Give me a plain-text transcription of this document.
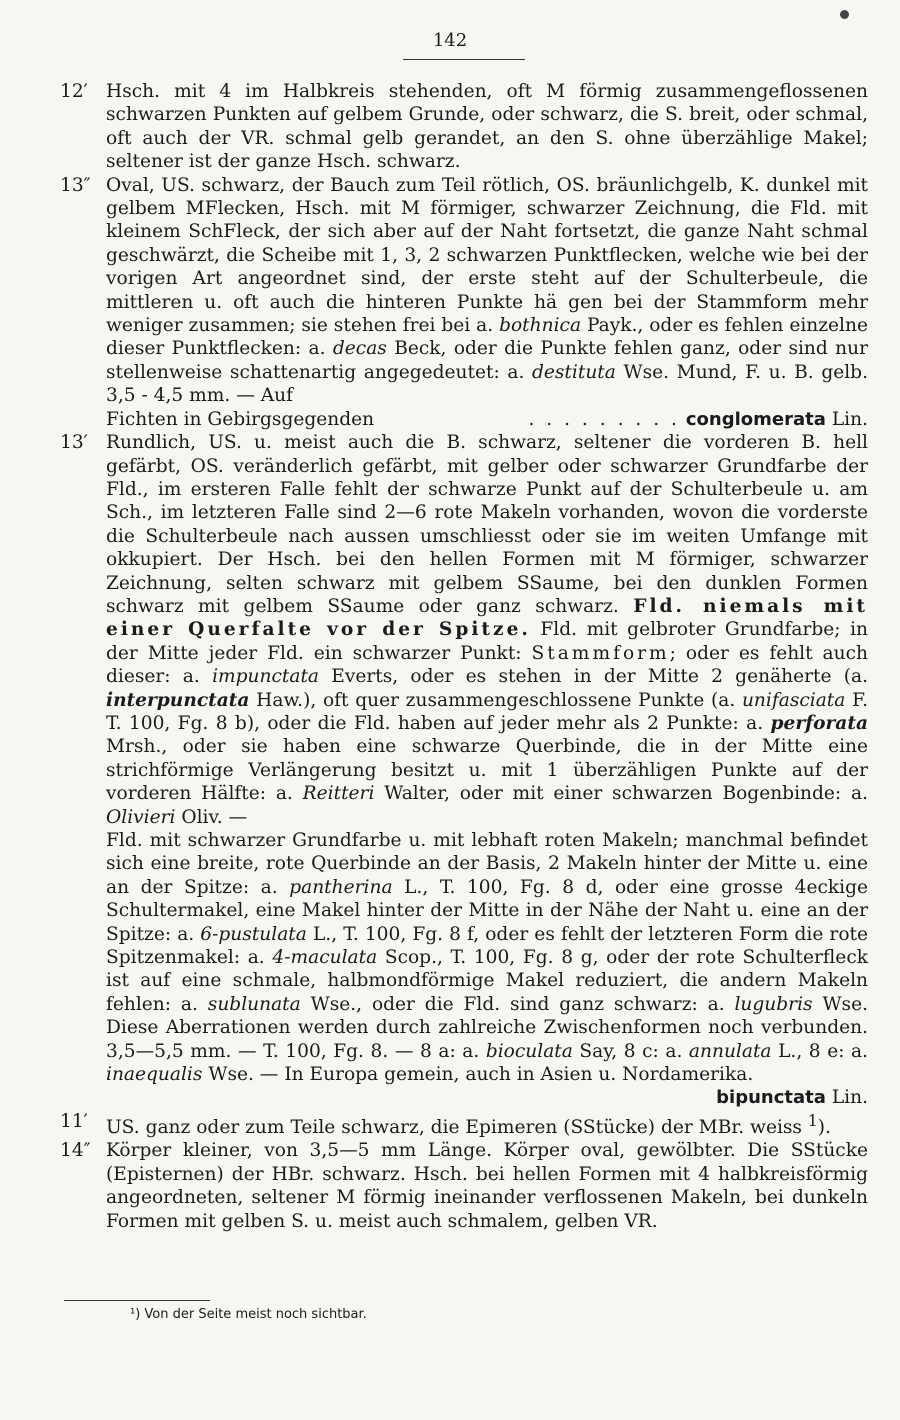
142
12′ Hsch. mit 4 im Halbkreis stehenden, oft M förmig zusammengeflossenen schwarzen Punkten auf gelbem Grunde, oder schwarz, die S. breit, oder schmal, oft auch der VR. schmal gelb gerandet, an den S. ohne überzählige Makel; seltener ist der ganze Hsch. schwarz.

13″ Oval, US. schwarz, der Bauch zum Teil rötlich, OS. bräunlichgelb, K. dunkel mit gelbem MFlecken, Hsch. mit M förmiger, schwarzer Zeichnung, die Fld. mit kleinem SchFleck, der sich aber auf der Naht fortsetzt, die ganze Naht schmal geschwärzt, die Scheibe mit 1, 3, 2 schwarzen Punktflecken, welche wie bei der vorigen Art angeordnet sind, der erste steht auf der Schulterbeule, die mittleren u. oft auch die hinteren Punkte hä gen bei der Stammform mehr weniger zusammen; sie stehen frei bei a. bothnica Payk., oder es fehlen einzelne dieser Punktflecken: a. decas Beck, oder die Punkte fehlen ganz, oder sind nur stellenweise schattenartig angegedeutet: a. destituta Wse. Mund, F. u. B. gelb. 3,5 - 4,5 mm. — Auf

Fichten in Gebirgsgegenden	. . . . . . . . . conglomerata Lin.
13′ Rundlich, US. u. meist auch die B. schwarz, seltener die vorderen B. hell gefärbt, OS. veränderlich gefärbt, mit gelber oder schwarzer Grundfarbe der Fld., im ersteren Falle fehlt der schwarze Punkt auf der Schulterbeule u. am Sch., im letzteren Falle sind 2—6 rote Makeln vorhanden, wovon die vorderste die Schulterbeule nach aussen umschliesst oder sie im weiten Umfange mit okkupiert. Der Hsch. bei den hellen Formen mit M förmiger, schwarzer Zeichnung, selten schwarz mit gelbem SSaume, bei den dunklen Formen schwarz mit gelbem SSaume oder ganz schwarz. Fld. niemals mit einer Querfalte vor der Spitze. Fld. mit gelbroter Grundfarbe; in der Mitte jeder Fld. ein schwarzer Punkt: Stammform; oder es fehlt auch dieser: a. impunctata Everts, oder es stehen in der Mitte 2 genäherte (a. interpunctata Haw.), oft quer zusammengeschlossene Punkte (a. unifasciata F. T. 100, Fg. 8 b), oder die Fld. haben auf jeder mehr als 2 Punkte: a. perforata Mrsh., oder sie haben eine schwarze Querbinde, die in der Mitte eine strichförmige Verlängerung besitzt u. mit 1 überzähligen Punkte auf der vorderen Hälfte: a. Reitteri Walter, oder mit einer schwarzen Bogenbinde: a. Olivieri Oliv. —

Fld. mit schwarzer Grundfarbe u. mit lebhaft roten Makeln; manchmal befindet sich eine breite, rote Querbinde an der Basis, 2 Makeln hinter der Mitte u. eine an der Spitze: a. pantherina L., T. 100, Fg. 8 d, oder eine grosse 4eckige Schultermakel, eine Makel hinter der Mitte in der Nähe der Naht u. eine an der Spitze: a. 6-pustulata L., T. 100, Fg. 8 f, oder es fehlt der letzteren Form die rote Spitzenmakel: a. 4-maculata Scop., T. 100, Fg. 8 g, oder der rote Schulterfleck ist auf eine schmale, halbmondförmige Makel reduziert, die andern Makeln fehlen: a. sublunata Wse., oder die Fld. sind ganz schwarz: a. lugubris Wse. Diese Aberrationen werden durch zahlreiche Zwischenformen noch verbunden. 3,5—5,5 mm. — T. 100, Fg. 8. — 8 a: a. bioculata Say, 8 c: a. annulata L., 8 e: a. inaequalis Wse. — In Europa gemein, auch in Asien u. Nordamerika.

bipunctata Lin.
11′ US. ganz oder zum Teile schwarz, die Epimeren (SStücke) der MBr. weiss $^1$).

14″ Körper kleiner, von 3,5—5 mm Länge. Körper oval, gewölbter. Die SStücke (Episternen) der HBr. schwarz. Hsch. bei hellen Formen mit 4 halbkreisförmig angeordneten, seltener M förmig ineinander verflossenen Makeln, bei dunkeln Formen mit gelben S. u. meist auch schmalem, gelben VR.

¹) Von der Seite meist noch sichtbar.
